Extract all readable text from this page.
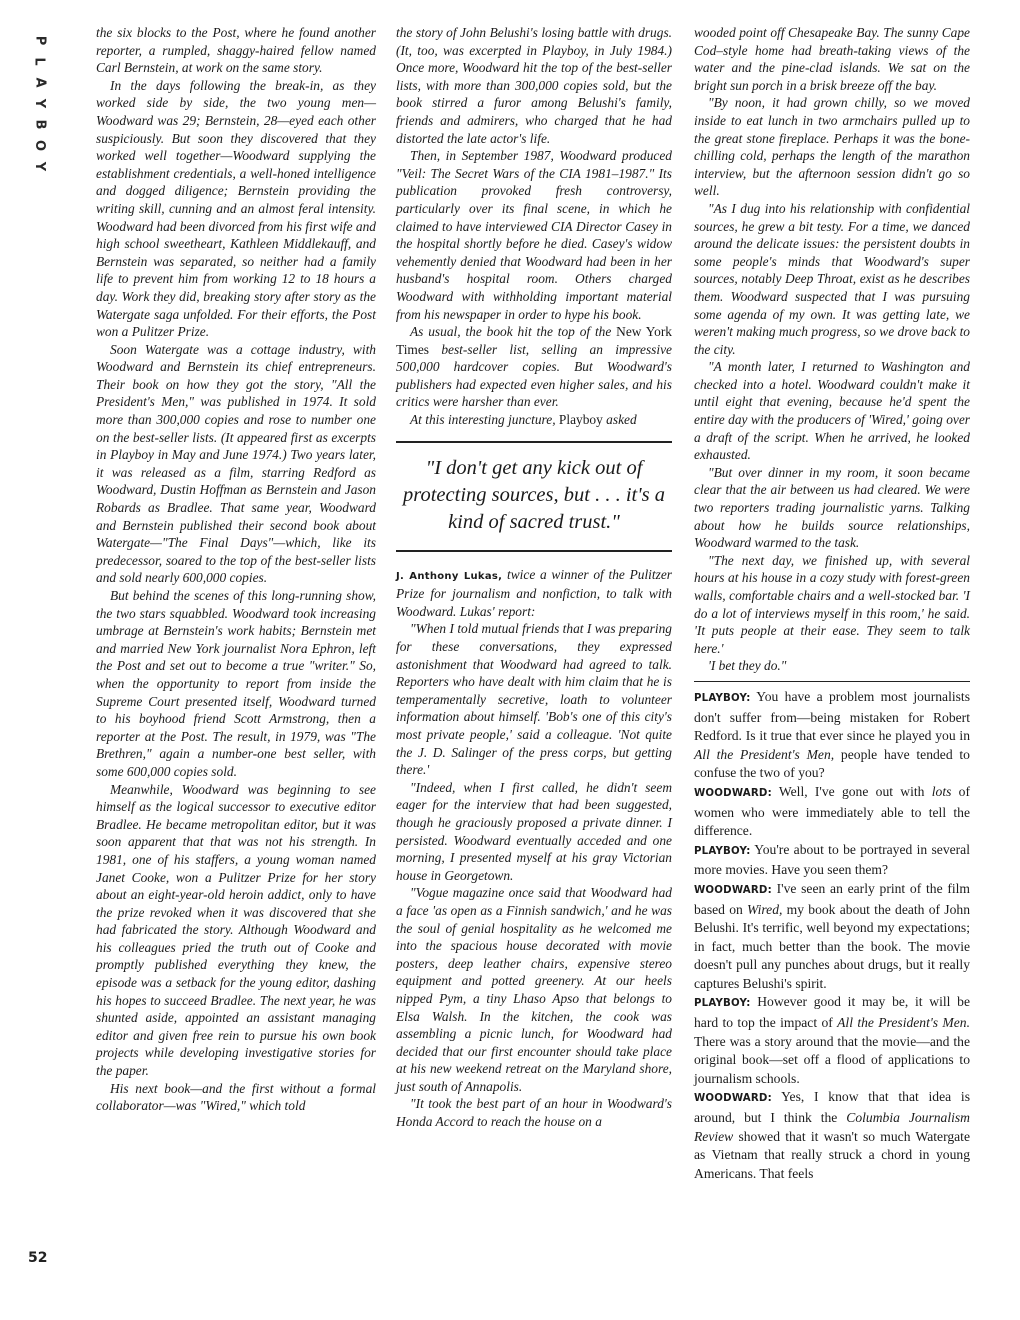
P
L
A
Y
B
O
Y
52

the six blocks to the Post, where he found another reporter, a rumpled, shaggy-haired fellow named Carl Bernstein, at work on the same story.

In the days following the break-in, as they worked side by side, the two young men—Woodward was 29; Bernstein, 28—eyed each other suspiciously. But soon they discovered that they worked well together—Woodward supplying the establishment credentials, a well-honed intelligence and dogged diligence; Bernstein providing the writing skill, cunning and an almost feral intensity. Woodward had been divorced from his first wife and high school sweetheart, Kathleen Middlekauff, and Bernstein was separated, so neither had a family life to prevent him from working 12 to 18 hours a day. Work they did, breaking story after story as the Watergate saga unfolded. For their efforts, the Post won a Pulitzer Prize.

Soon Watergate was a cottage industry, with Woodward and Bernstein its chief entrepreneurs. Their book on how they got the story, "All the President's Men," was published in 1974. It sold more than 300,000 copies and rose to number one on the best-seller lists. (It appeared first as excerpts in Playboy in May and June 1974.) Two years later, it was released as a film, starring Redford as Woodward, Dustin Hoffman as Bernstein and Jason Robards as Bradlee. That same year, Woodward and Bernstein published their second book about Watergate—"The Final Days"—which, like its predecessor, soared to the top of the best-seller lists and sold nearly 600,000 copies.

But behind the scenes of this long-running show, the two stars squabbled. Woodward took increasing umbrage at Bernstein's work habits; Bernstein met and married New York journalist Nora Ephron, left the Post and set out to become a true "writer." So, when the opportunity to report from inside the Supreme Court presented itself, Woodward turned to his boyhood friend Scott Armstrong, then a reporter at the Post. The result, in 1979, was "The Brethren," again a number-one best seller, with some 600,000 copies sold.

Meanwhile, Woodward was beginning to see himself as the logical successor to executive editor Bradlee. He became metropolitan editor, but it was soon apparent that that was not his strength. In 1981, one of his staffers, a young woman named Janet Cooke, won a Pulitzer Prize for her story about an eight-year-old heroin addict, only to have the prize revoked when it was discovered that she had fabricated the story. Although Woodward and his colleagues pried the truth out of Cooke and promptly published everything they knew, the episode was a setback for the young editor, dashing his hopes to succeed Bradlee. The next year, he was shunted aside, appointed an assistant managing editor and given free rein to pursue his own book projects while developing investigative stories for the paper.

His next book—and the first without a formal collaborator—was "Wired," which told

the story of John Belushi's losing battle with drugs. (It, too, was excerpted in Playboy, in July 1984.) Once more, Woodward hit the top of the best-seller lists, with more than 300,000 copies sold, but the book stirred a furor among Belushi's family, friends and admirers, who charged that he had distorted the late actor's life.

Then, in September 1987, Woodward produced "Veil: The Secret Wars of the CIA 1981–1987." Its publication provoked fresh controversy, particularly over its final scene, in which he claimed to have interviewed CIA Director Casey in the hospital shortly before he died. Casey's widow vehemently denied that Woodward had been in her husband's hospital room. Others charged Woodward with withholding important material from his newspaper in order to hype his book.

As usual, the book hit the top of the New York Times best-seller list, selling an impressive 500,000 hardcover copies. But Woodward's publishers had expected even higher sales, and his critics were harsher than ever.

At this interesting juncture, Playboy asked

"I don't get any kick out of protecting sources, but . . . it's a kind of sacred trust."

J. Anthony Lukas, twice a winner of the Pulitzer Prize for journalism and nonfiction, to talk with Woodward. Lukas' report:

"When I told mutual friends that I was preparing for these conversations, they expressed astonishment that Woodward had agreed to talk. Reporters who have dealt with him claim that he is temperamentally secretive, loath to volunteer information about himself. 'Bob's one of this city's most private people,' said a colleague. 'Not quite the J. D. Salinger of the press corps, but getting there.'

"Indeed, when I first called, he didn't seem eager for the interview that had been suggested, though he graciously proposed a private dinner. I persisted. Woodward eventually acceded and one morning, I presented myself at his gray Victorian house in Georgetown.

"Vogue magazine once said that Woodward had a face 'as open as a Finnish sandwich,' and he was the soul of genial hospitality as he welcomed me into the spacious house decorated with movie posters, deep leather chairs, expensive stereo equipment and potted greenery. At our heels nipped Pym, a tiny Lhaso Apso that belongs to Elsa Walsh. In the kitchen, the cook was assembling a picnic lunch, for Woodward had decided that our first encounter should take place at his new weekend retreat on the Maryland shore, just south of Annapolis.

"It took the best part of an hour in Woodward's Honda Accord to reach the house on a

wooded point off Chesapeake Bay. The sunny Cape Cod–style home had breath-taking views of the water and the pine-clad islands. We sat on the bright sun porch in a brisk breeze off the bay.

"By noon, it had grown chilly, so we moved inside to eat lunch in two armchairs pulled up to the great stone fireplace. Perhaps it was the bone-chilling cold, perhaps the length of the marathon interview, but the afternoon session didn't go so well.

"As I dug into his relationship with confidential sources, he grew a bit testy. For a time, we danced around the delicate issues: the persistent doubts in some people's minds that Woodward's super sources, notably Deep Throat, exist as he describes them. Woodward suspected that I was pursuing some agenda of my own. It was getting late, we weren't making much progress, so we drove back to the city.

"A month later, I returned to Washington and checked into a hotel. Woodward couldn't make it until eight that evening, because he'd spent the entire day with the producers of 'Wired,' going over a draft of the script. When he arrived, he looked exhausted.

"But over dinner in my room, it soon became clear that the air between us had cleared. We were two reporters trading journalistic yarns. Talking about how he builds source relationships, Woodward warmed to the task.

"The next day, we finished up, with several hours at his house in a cozy study with forest-green walls, comfortable chairs and a well-stocked bar. 'I do a lot of interviews myself in this room,' he said. 'It puts people at their ease. They seem to talk here.'

'I bet they do."

PLAYBOY: You have a problem most journalists don't suffer from—being mistaken for Robert Redford. Is it true that ever since he played you in All the President's Men, people have tended to confuse the two of you?

WOODWARD: Well, I've gone out with lots of women who were immediately able to tell the difference.

PLAYBOY: You're about to be portrayed in several more movies. Have you seen them?

WOODWARD: I've seen an early print of the film based on Wired, my book about the death of John Belushi. It's terrific, well beyond my expectations; in fact, much better than the book. The movie doesn't pull any punches about drugs, but it really captures Belushi's spirit.

PLAYBOY: However good it may be, it will be hard to top the impact of All the President's Men. There was a story around that the movie—and the original book—set off a flood of applications to journalism schools.

WOODWARD: Yes, I know that that idea is around, but I think the Columbia Journalism Review showed that it wasn't so much Watergate as Vietnam that really struck a chord in young Americans. That feels
